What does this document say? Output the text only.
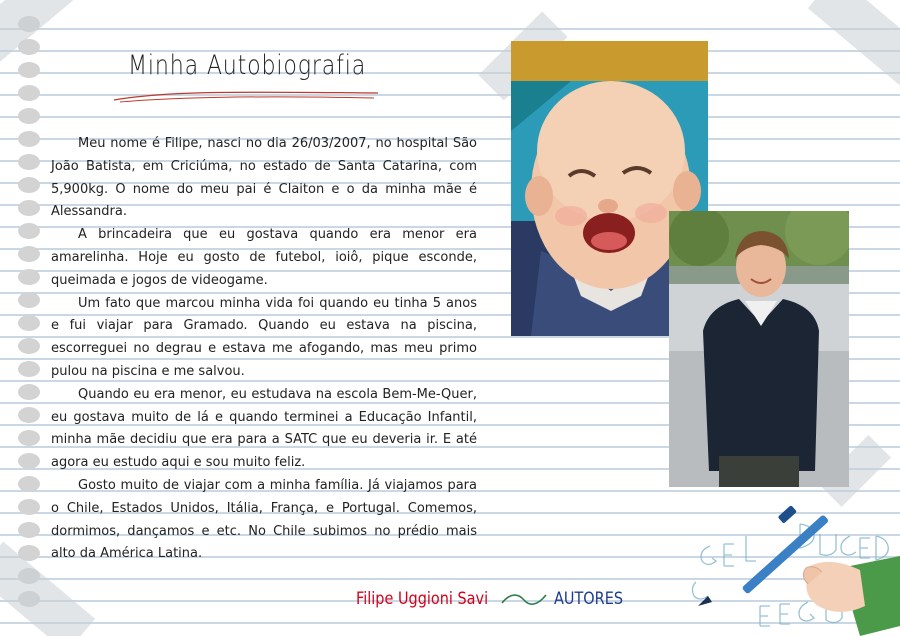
Minha Autobiografia

Meu nome é Filipe, nasci no dia 26/03/2007, no hospital São João Batista, em Criciúma, no estado de Santa Catarina, com 5,900kg. O nome do meu pai é Claiton e o da minha mãe é Alessandra.

A brincadeira que eu gostava quando era menor era amarelinha. Hoje eu gosto de futebol, ioiô, pique esconde, queimada e jogos de videogame.

Um fato que marcou minha vida foi quando eu tinha 5 anos e fui viajar para Gramado. Quando eu estava na piscina, escorreguei no degrau e estava me afogando, mas meu primo pulou na piscina e me salvou.

Quando eu era menor, eu estudava na escola Bem-Me-Quer, eu gostava muito de lá e quando terminei a Educação Infantil, minha mãe decidiu que era para a SATC que eu deveria ir. E até agora eu estudo aqui e sou muito feliz.

Gosto muito de viajar com a minha família. Já viajamos para o Chile, Estados Unidos, Itália, França, e Portugal. Comemos, dormimos, dançamos e etc. No Chile subimos no prédio mais alto da América Latina.

Filipe Uggioni Savi	AUTORES
